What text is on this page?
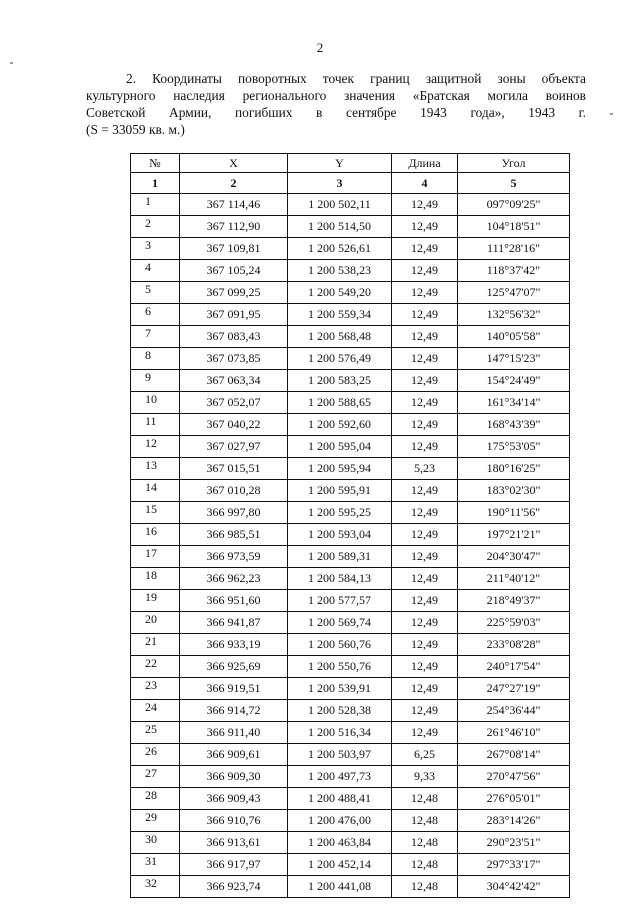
2

2. Координаты поворотных точек границ защитной зоны объекта

культурного наследия регионального значения «Братская могила воинов

Советской Армии, погибших в сентябре 1943 года», 1943 г.

(S = 33059 кв. м.)

№	X	Y	Длина	Угол
1	2	3	4	5
1	367 114,46	1 200 502,11	12,49	097°09'25"
2	367 112,90	1 200 514,50	12,49	104°18'51"
3	367 109,81	1 200 526,61	12,49	111°28'16"
4	367 105,24	1 200 538,23	12,49	118°37'42"
5	367 099,25	1 200 549,20	12,49	125°47'07"
6	367 091,95	1 200 559,34	12,49	132°56'32"
7	367 083,43	1 200 568,48	12,49	140°05'58"
8	367 073,85	1 200 576,49	12,49	147°15'23"
9	367 063,34	1 200 583,25	12,49	154°24'49"
10	367 052,07	1 200 588,65	12,49	161°34'14"
11	367 040,22	1 200 592,60	12,49	168°43'39"
12	367 027,97	1 200 595,04	12,49	175°53'05"
13	367 015,51	1 200 595,94	5,23	180°16'25"
14	367 010,28	1 200 595,91	12,49	183°02'30"
15	366 997,80	1 200 595,25	12,49	190°11'56"
16	366 985,51	1 200 593,04	12,49	197°21'21"
17	366 973,59	1 200 589,31	12,49	204°30'47"
18	366 962,23	1 200 584,13	12,49	211°40'12"
19	366 951,60	1 200 577,57	12,49	218°49'37"
20	366 941,87	1 200 569,74	12,49	225°59'03"
21	366 933,19	1 200 560,76	12,49	233°08'28"
22	366 925,69	1 200 550,76	12,49	240°17'54"
23	366 919,51	1 200 539,91	12,49	247°27'19"
24	366 914,72	1 200 528,38	12,49	254°36'44"
25	366 911,40	1 200 516,34	12,49	261°46'10"
26	366 909,61	1 200 503,97	6,25	267°08'14"
27	366 909,30	1 200 497,73	9,33	270°47'56"
28	366 909,43	1 200 488,41	12,48	276°05'01"
29	366 910,76	1 200 476,00	12,48	283°14'26"
30	366 913,61	1 200 463,84	12,48	290°23'51"
31	366 917,97	1 200 452,14	12,48	297°33'17"
32	366 923,74	1 200 441,08	12,48	304°42'42"
